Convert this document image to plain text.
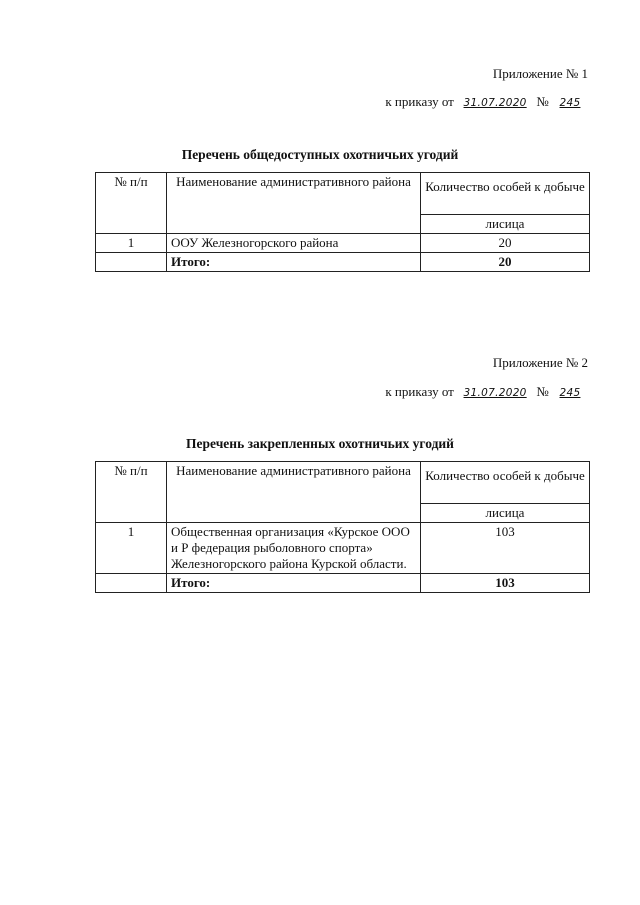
Приложение № 1
к приказу от 31.07.2020 № 245
Перечень общедоступных охотничьих угодий
№ п/п	Наименование административного района	Количество особей к добыче
		лисица
1	ООУ Железногорского района	20
	Итого:	20
Приложение № 2
к приказу от 31.07.2020 № 245
Перечень закрепленных охотничьих угодий
№ п/п	Наименование административного района	Количество особей к добыче
		лисица
1	Общественная организация «Курское ООО и Р федерация рыболовного спорта» Железногорского района Курской области.	103
	Итого:	103
